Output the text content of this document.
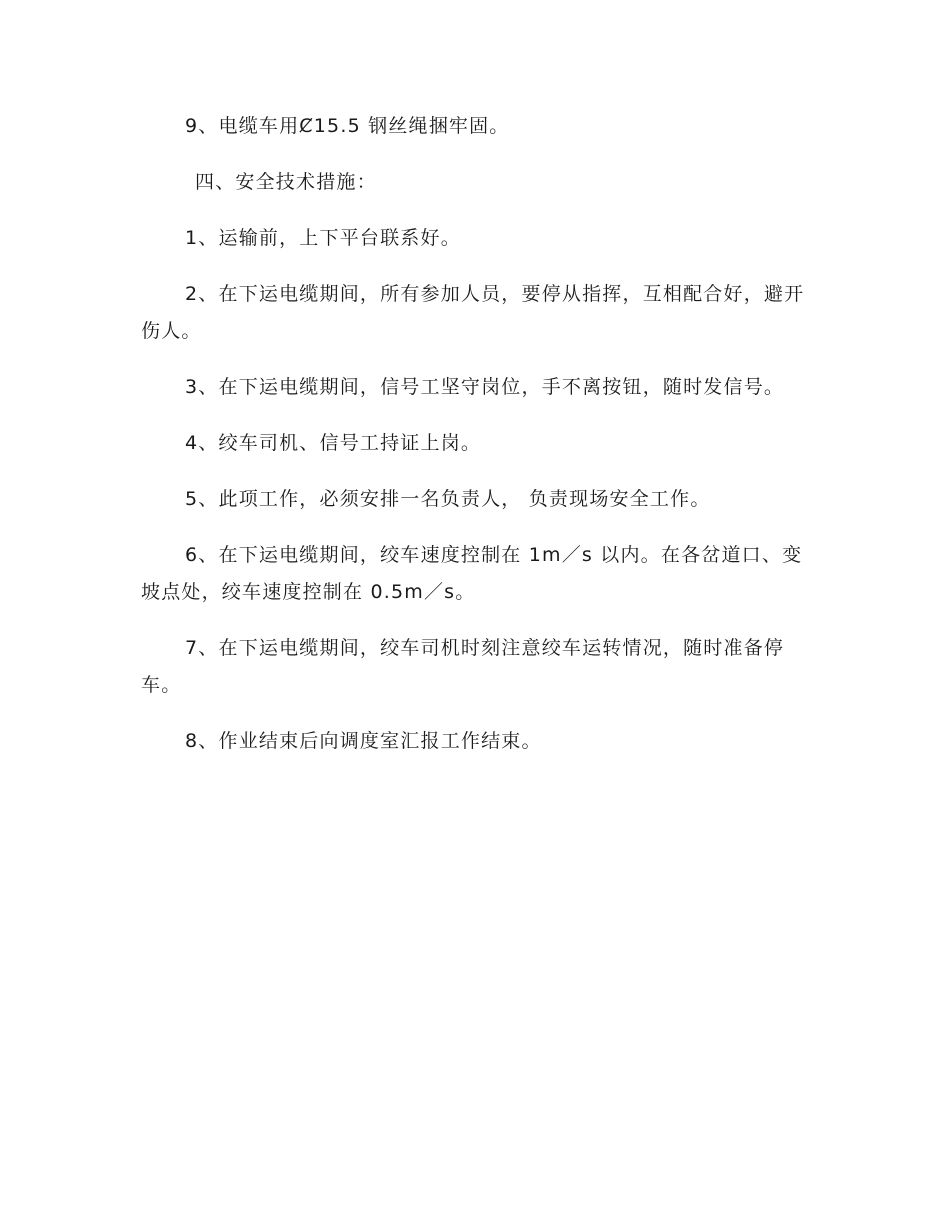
9、电缆车用Ȼ15.5 钢丝绳捆牢固。

四、安全技术措施：

1、运输前，上下平台联系好。

2、在下运电缆期间，所有参加人员，要停从指挥，互相配合好，避开伤人。

3、在下运电缆期间，信号工坚守岗位，手不离按钮，随时发信号。

4、绞车司机、信号工持证上岗。

5、此项工作，必须安排一名负责人， 负责现场安全工作。

6、在下运电缆期间，绞车速度控制在 1m／s 以内。在各岔道口、变坡点处，绞车速度控制在 0.5m／s。

7、在下运电缆期间，绞车司机时刻注意绞车运转情况，随时准备停车。

8、作业结束后向调度室汇报工作结束。
